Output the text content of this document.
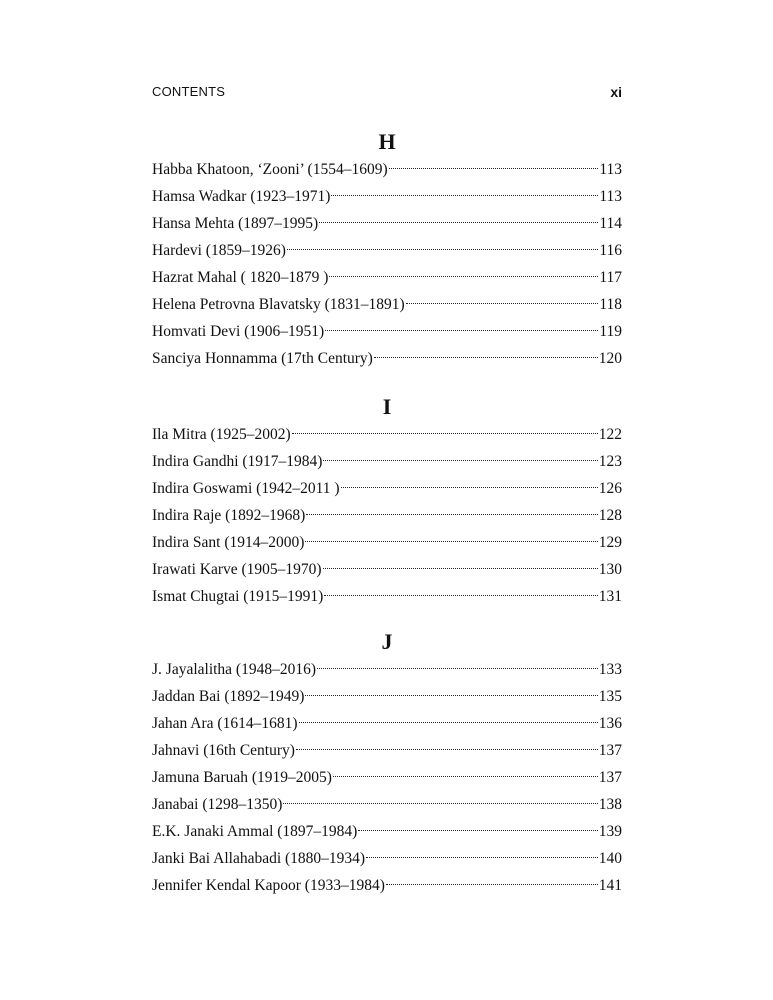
CONTENTS	xi
H
Habba Khatoon, ‘Zooni’ (1554–1609)	113
Hamsa Wadkar (1923–1971)	113
Hansa Mehta (1897–1995)	114
Hardevi (1859–1926)	116
Hazrat Mahal ( 1820–1879 )	117
Helena Petrovna Blavatsky (1831–1891)	118
Homvati Devi (1906–1951)	119
Sanciya Honnamma (17th Century)	120
I
Ila Mitra (1925–2002)	122
Indira Gandhi (1917–1984)	123
Indira Goswami (1942–2011 )	126
Indira Raje (1892–1968)	128
Indira Sant (1914–2000)	129
Irawati Karve (1905–1970)	130
Ismat Chugtai (1915–1991)	131
J
J. Jayalalitha (1948–2016)	133
Jaddan Bai (1892–1949)	135
Jahan Ara (1614–1681)	136
Jahnavi (16th Century)	137
Jamuna Baruah (1919–2005)	137
Janabai (1298–1350)	138
E.K. Janaki Ammal (1897–1984)	139
Janki Bai Allahabadi (1880–1934)	140
Jennifer Kendal Kapoor (1933–1984)	141
